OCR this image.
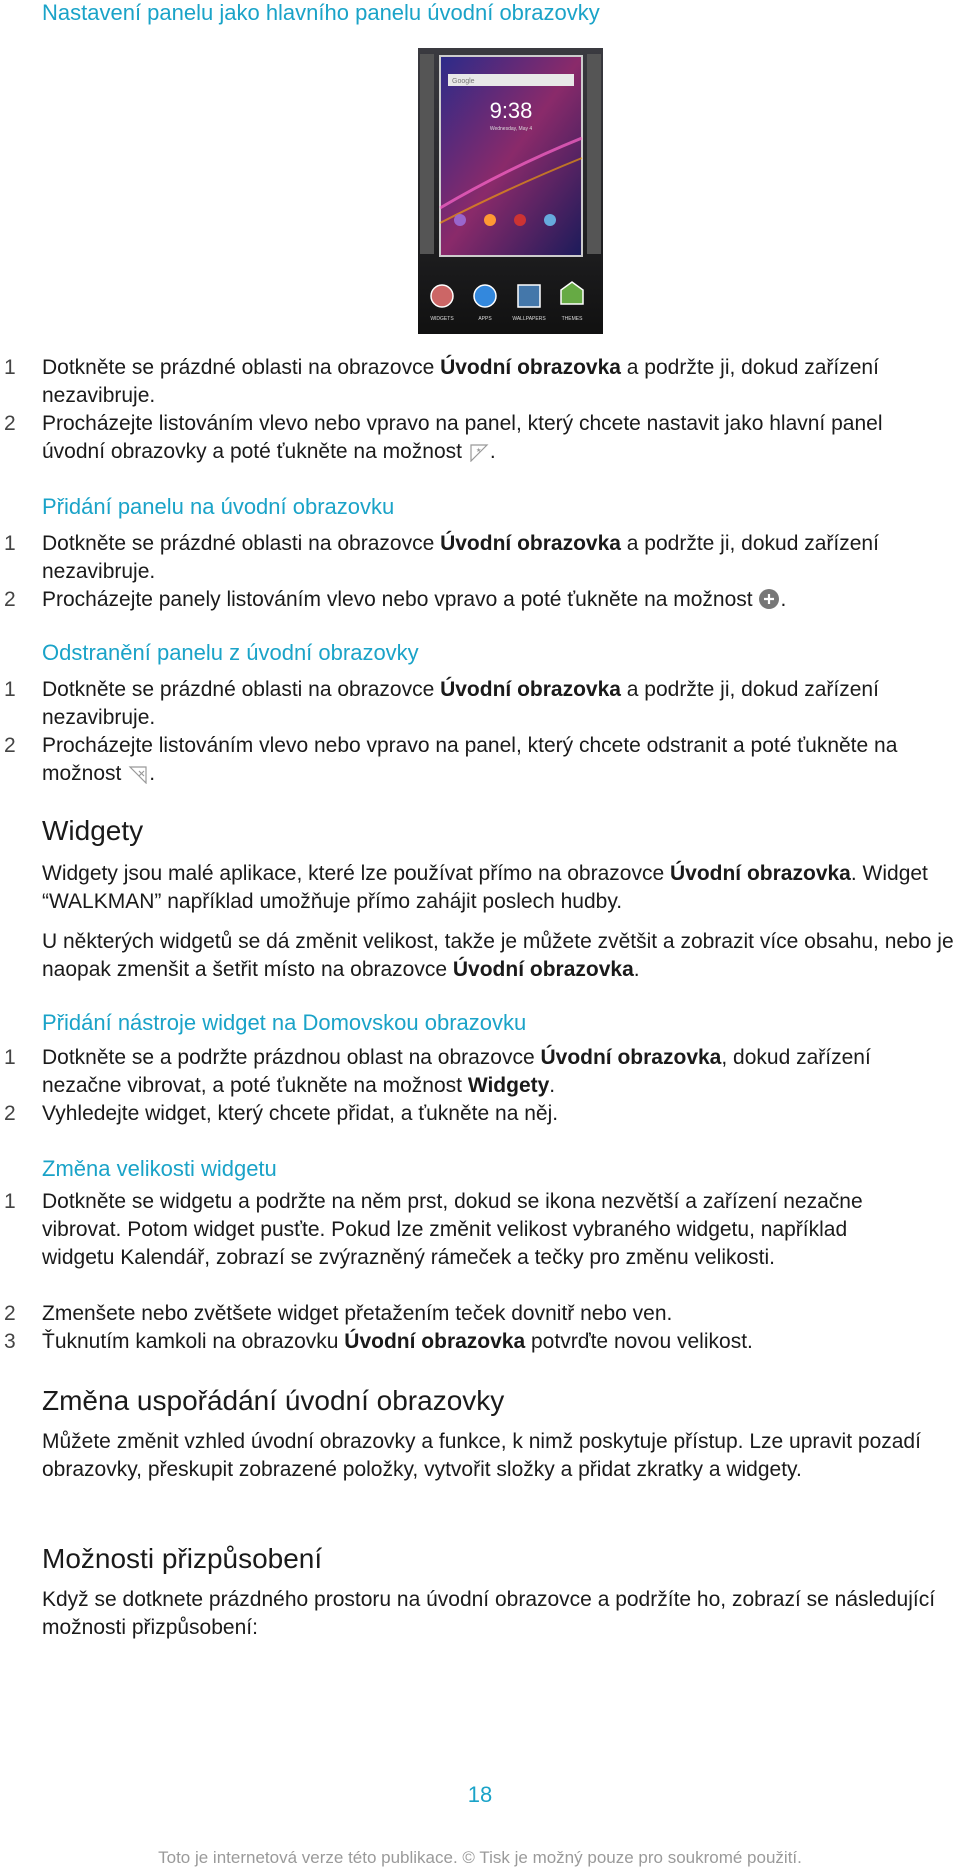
Nastavení panelu jako hlavního panelu úvodní obrazovky
Google
9:38
Wednesday, May 4
WIDGETS	APPS	WALLPAPERS	THEMES
1	Dotkněte se prázdné oblasti na obrazovce Úvodní obrazovka a podržte ji, dokud zařízení nezavibruje.
2	Procházejte listováním vlevo nebo vpravo na panel, který chcete nastavit jako hlavní panel úvodní obrazovky a poté ťukněte na možnost ★ .
Přidání panelu na úvodní obrazovku
1	Dotkněte se prázdné oblasti na obrazovce Úvodní obrazovka a podržte ji, dokud zařízení nezavibruje.
2	Procházejte panely listováním vlevo nebo vpravo a poté ťukněte na možnost .
Odstranění panelu z úvodní obrazovky
1	Dotkněte se prázdné oblasti na obrazovce Úvodní obrazovka a podržte ji, dokud zařízení nezavibruje.
2	Procházejte listováním vlevo nebo vpravo na panel, který chcete odstranit a poté ťukněte na možnost .
Widgety
Widgety jsou malé aplikace, které lze používat přímo na obrazovce Úvodní obrazovka. Widget “WALKMAN” například umožňuje přímo zahájit poslech hudby.
U některých widgetů se dá změnit velikost, takže je můžete zvětšit a zobrazit více obsahu, nebo je naopak zmenšit a šetřit místo na obrazovce Úvodní obrazovka.
Přidání nástroje widget na Domovskou obrazovku
1	Dotkněte se a podržte prázdnou oblast na obrazovce Úvodní obrazovka, dokud zařízení nezačne vibrovat, a poté ťukněte na možnost Widgety.
2	Vyhledejte widget, který chcete přidat, a ťukněte na něj.
Změna velikosti widgetu
1	Dotkněte se widgetu a podržte na něm prst, dokud se ikona nezvětší a zařízení nezačne vibrovat. Potom widget pusťte. Pokud lze změnit velikost vybraného widgetu, například widgetu Kalendář, zobrazí se zvýrazněný rámeček a tečky pro změnu velikosti.
2	Zmenšete nebo zvětšete widget přetažením teček dovnitř nebo ven.
3	Ťuknutím kamkoli na obrazovku Úvodní obrazovka potvrďte novou velikost.
Změna uspořádání úvodní obrazovky
Můžete změnit vzhled úvodní obrazovky a funkce, k nimž poskytuje přístup. Lze upravit pozadí obrazovky, přeskupit zobrazené položky, vytvořit složky a přidat zkratky a widgety.
Možnosti přizpůsobení
Když se dotknete prázdného prostoru na úvodní obrazovce a podržíte ho, zobrazí se následující možnosti přizpůsobení:
18
Toto je internetová verze této publikace. © Tisk je možný pouze pro soukromé použití.
